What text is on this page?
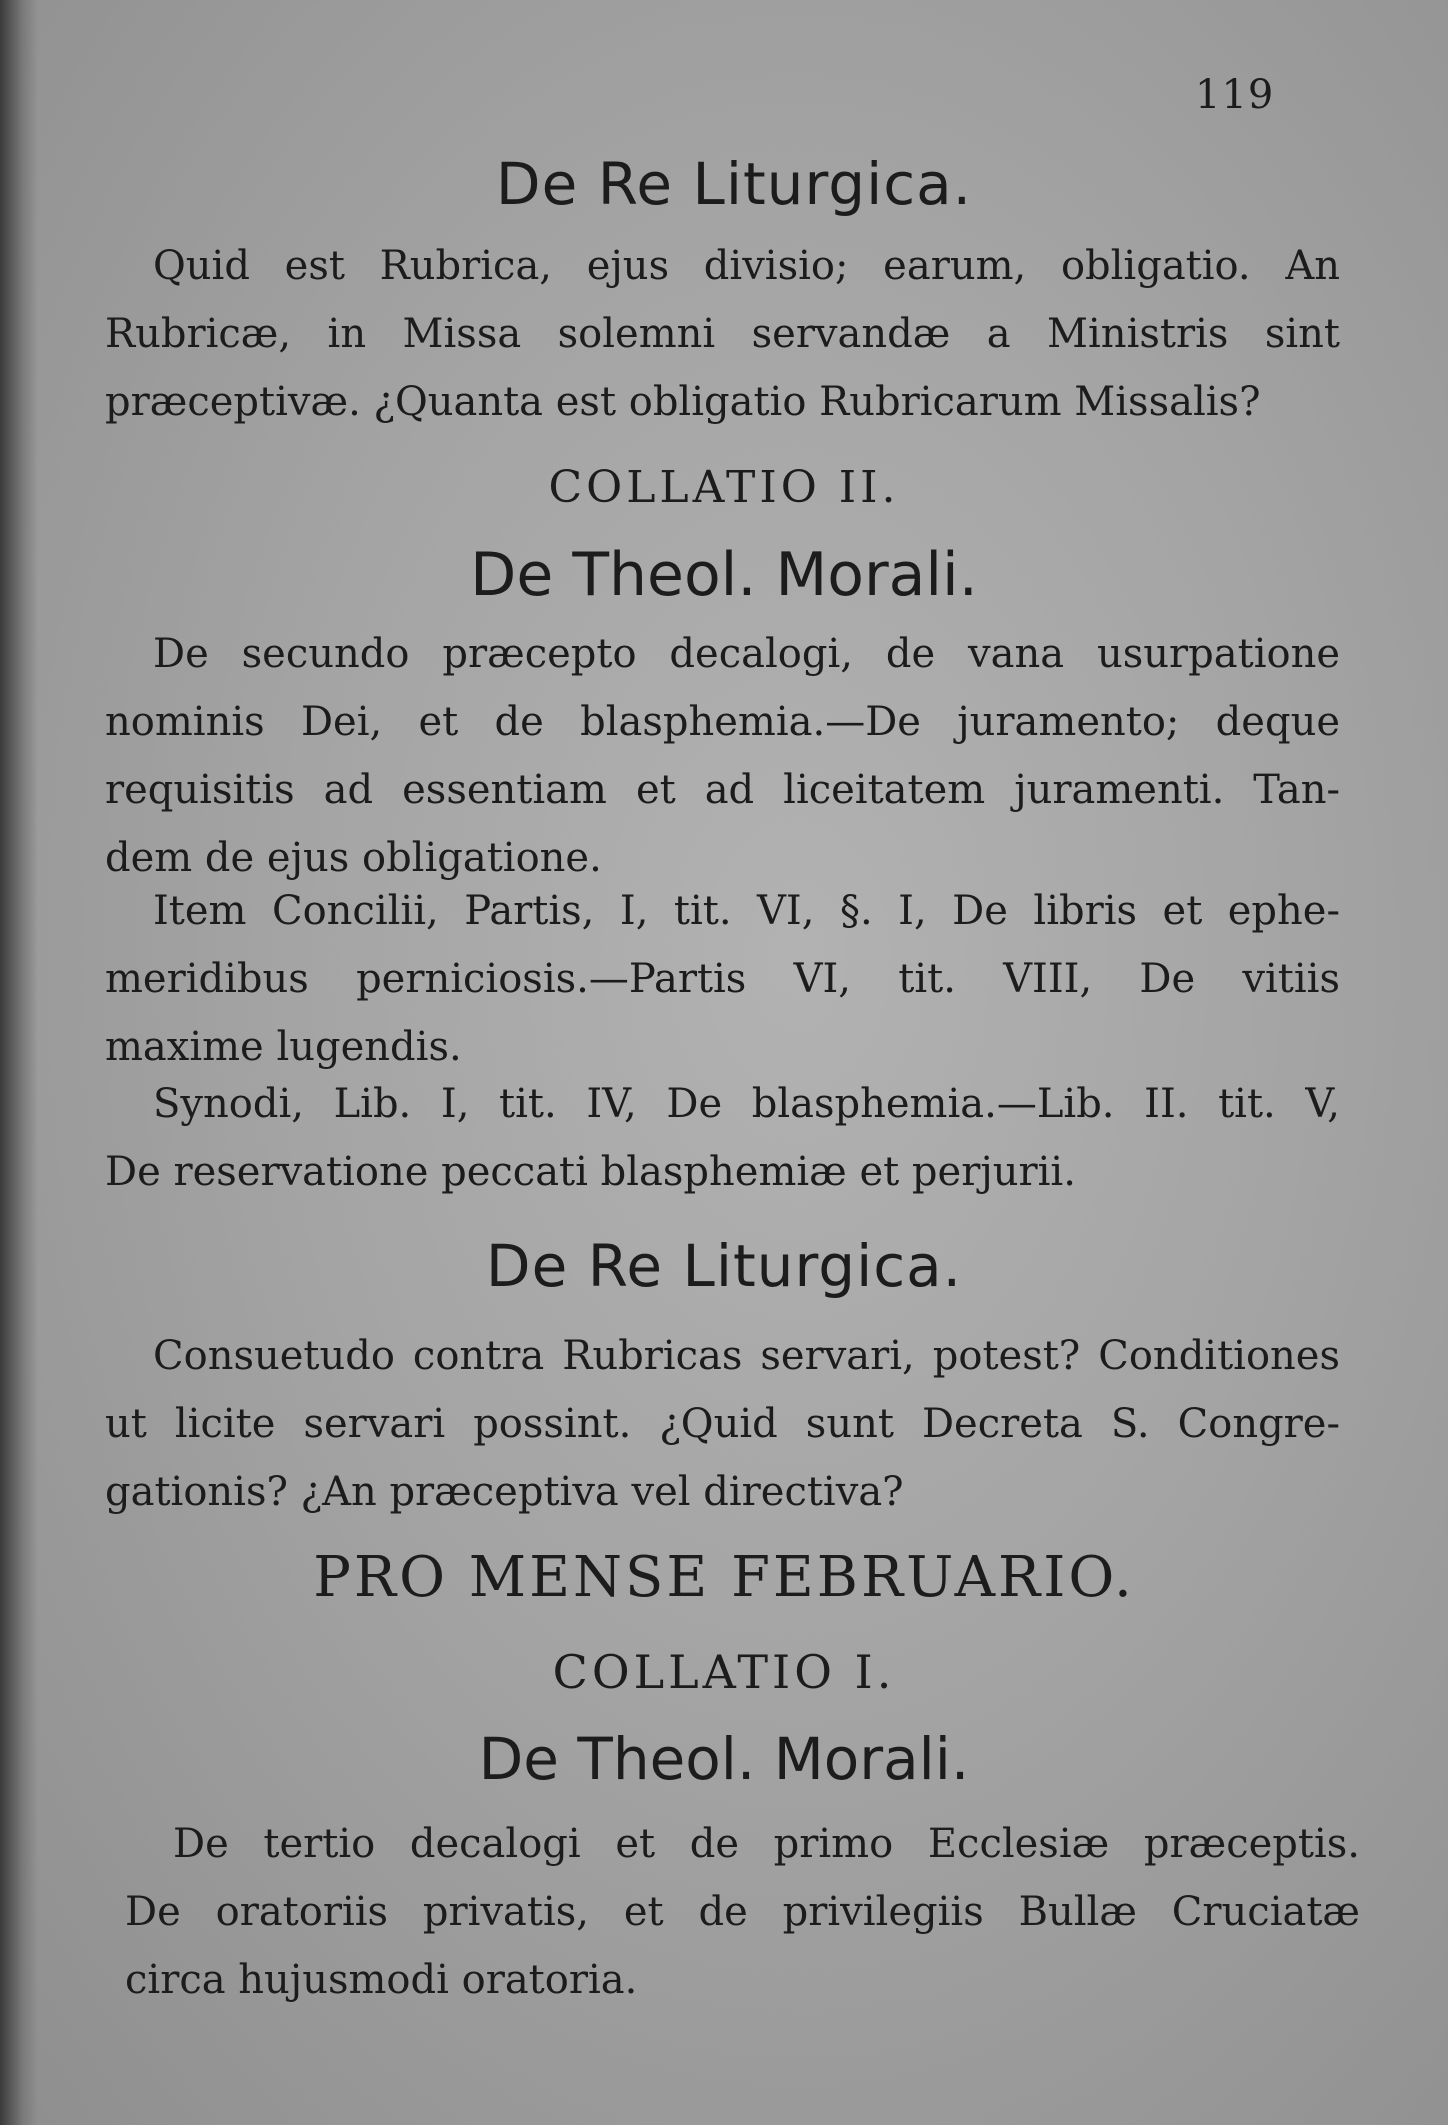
119
De Re Liturgica.
Quid est Rubrica, ejus divisio; earum, obligatio. An
Rubricæ, in Missa solemni servandæ a Ministris sint
præceptivæ. ¿Quanta est obligatio Rubricarum Missalis?
COLLATIO II.
De Theol. Morali.
De secundo præcepto decalogi, de vana usurpatione
nominis Dei, et de blasphemia.—De juramento; deque
requisitis ad essentiam et ad liceitatem juramenti. Tan-
dem de ejus obligatione.
Item Concilii, Partis, I, tit. VI, §. I, De libris et ephe-
meridibus perniciosis.—Partis VI, tit. VIII, De vitiis
maxime lugendis.
Synodi, Lib. I, tit. IV, De blasphemia.—Lib. II. tit. V,
De reservatione peccati blasphemiæ et perjurii.
De Re Liturgica.
Consuetudo contra Rubricas servari, potest? Conditiones
ut licite servari possint. ¿Quid sunt Decreta S. Congre-
gationis? ¿An præceptiva vel directiva?
PRO MENSE FEBRUARIO.
COLLATIO I.
De Theol. Morali.
De tertio decalogi et de primo Ecclesiæ præceptis.
De oratoriis privatis, et de privilegiis Bullæ Cruciatæ
circa hujusmodi oratoria.
